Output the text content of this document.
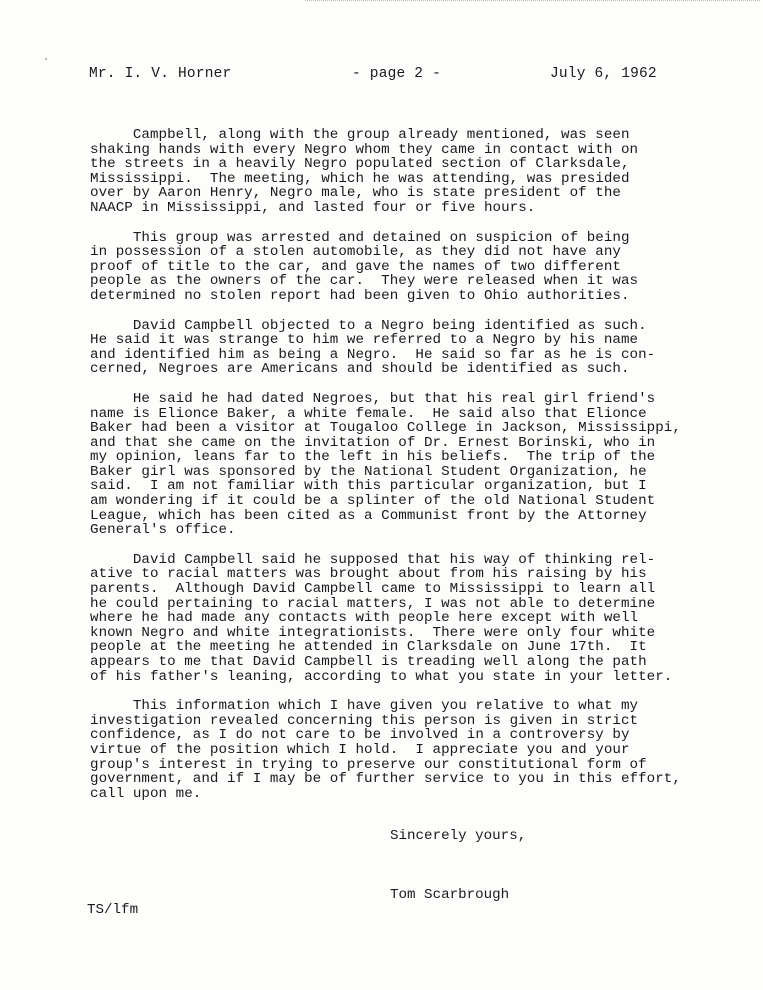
Mr. I. V. Horner	- page 2 -	July 6, 1962

Campbell, along with the group already mentioned, was seen
shaking hands with every Negro whom they came in contact with on
the streets in a heavily Negro populated section of Clarksdale,
Mississippi.  The meeting, which he was attending, was presided
over by Aaron Henry, Negro male, who is state president of the
NAACP in Mississippi, and lasted four or five hours.

This group was arrested and detained on suspicion of being
in possession of a stolen automobile, as they did not have any
proof of title to the car, and gave the names of two different
people as the owners of the car.  They were released when it was
determined no stolen report had been given to Ohio authorities.

David Campbell objected to a Negro being identified as such.
He said it was strange to him we referred to a Negro by his name
and identified him as being a Negro.  He said so far as he is con-
cerned, Negroes are Americans and should be identified as such.

He said he had dated Negroes, but that his real girl friend's
name is Elionce Baker, a white female.  He said also that Elionce
Baker had been a visitor at Tougaloo College in Jackson, Mississippi,
and that she came on the invitation of Dr. Ernest Borinski, who in
my opinion, leans far to the left in his beliefs.  The trip of the
Baker girl was sponsored by the National Student Organization, he
said.  I am not familiar with this particular organization, but I
am wondering if it could be a splinter of the old National Student
League, which has been cited as a Communist front by the Attorney
General's office.

David Campbell said he supposed that his way of thinking rel-
ative to racial matters was brought about from his raising by his
parents.  Although David Campbell came to Mississippi to learn all
he could pertaining to racial matters, I was not able to determine
where he had made any contacts with people here except with well
known Negro and white integrationists.  There were only four white
people at the meeting he attended in Clarksdale on June 17th.  It
appears to me that David Campbell is treading well along the path
of his father's leaning, according to what you state in your letter.

This information which I have given you relative to what my
investigation revealed concerning this person is given in strict
confidence, as I do not care to be involved in a controversy by
virtue of the position which I hold.  I appreciate you and your
group's interest in trying to preserve our constitutional form of
government, and if I may be of further service to you in this effort,
call upon me.

Sincerely yours,
Tom Scarbrough
TS/lfm
